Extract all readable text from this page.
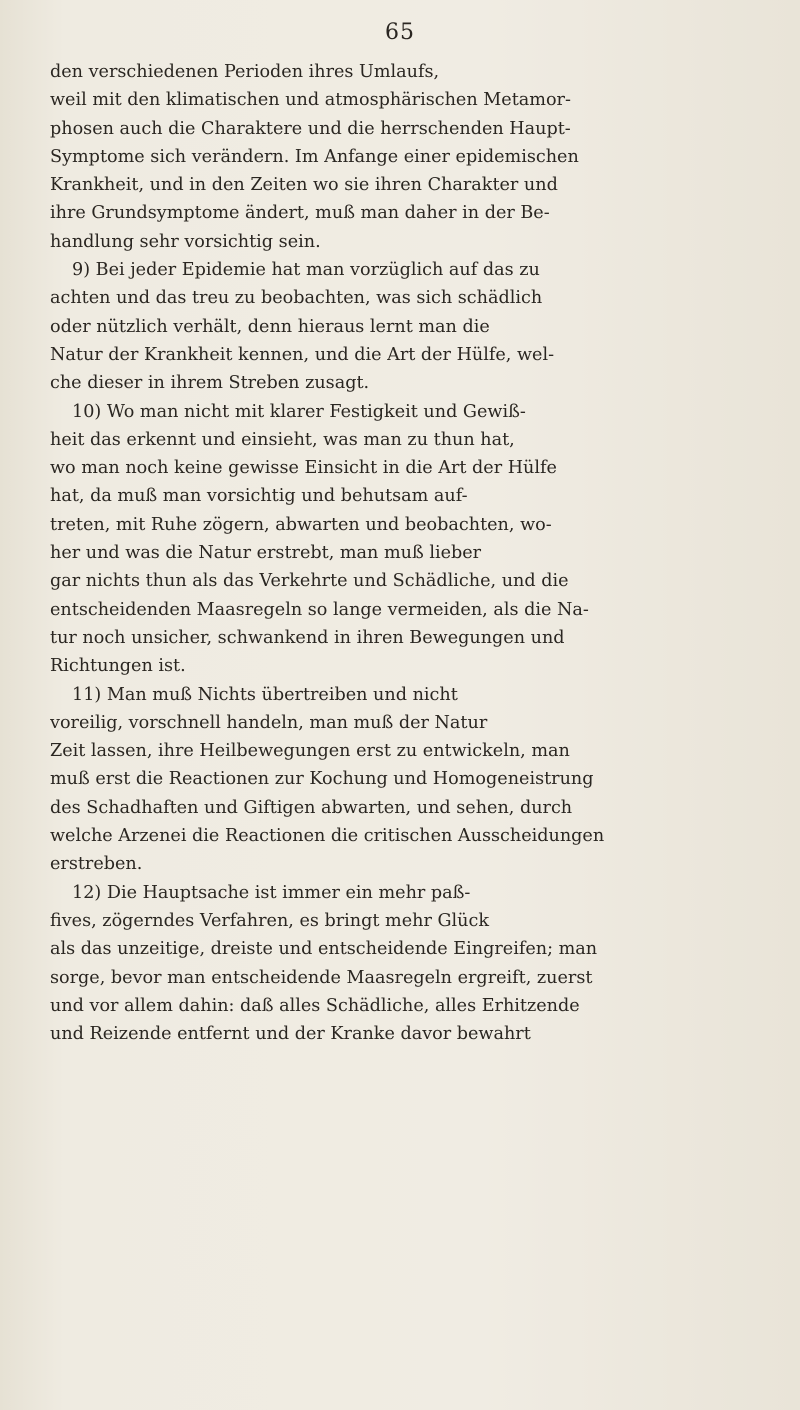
65
den verschiedenen Perioden ihres Umlaufs,
weil mit den klimatischen und atmosphärischen Metamor-
phosen auch die Charaktere und die herrschenden Haupt-
Symptome sich verändern. Im Anfange einer epidemischen
Krankheit, und in den Zeiten wo sie ihren Charakter und
ihre Grundsymptome ändert, muß man daher in der Be-
handlung sehr vorsichtig sein.
9) Bei jeder Epidemie hat man vorzüglich auf das zu
achten und das treu zu beobachten, was sich schädlich
oder nützlich verhält, denn hieraus lernt man die
Natur der Krankheit kennen, und die Art der Hülfe, wel-
che dieser in ihrem Streben zusagt.
10) Wo man nicht mit klarer Festigkeit und Gewiß-
heit das erkennt und einsieht, was man zu thun hat,
wo man noch keine gewisse Einsicht in die Art der Hülfe
hat, da muß man vorsichtig und behutsam auf-
treten, mit Ruhe zögern, abwarten und beobachten, wo-
her und was die Natur erstrebt, man muß lieber
gar nichts thun als das Verkehrte und Schädliche, und die
entscheidenden Maasregeln so lange vermeiden, als die Na-
tur noch unsicher, schwankend in ihren Bewegungen und
Richtungen ist.
11) Man muß Nichts übertreiben und nicht
voreilig, vorschnell handeln, man muß der Natur
Zeit lassen, ihre Heilbewegungen erst zu entwickeln, man
muß erst die Reactionen zur Kochung und Homogeneistrung
des Schadhaften und Giftigen abwarten, und sehen, durch
welche Arzenei die Reactionen die critischen Ausscheidungen
erstreben.
12) Die Hauptsache ist immer ein mehr paß-
fives, zögerndes Verfahren, es bringt mehr Glück
als das unzeitige, dreiste und entscheidende Eingreifen; man
sorge, bevor man entscheidende Maasregeln ergreift, zuerst
und vor allem dahin: daß alles Schädliche, alles Erhitzende
und Reizende entfernt und der Kranke davor bewahrt
